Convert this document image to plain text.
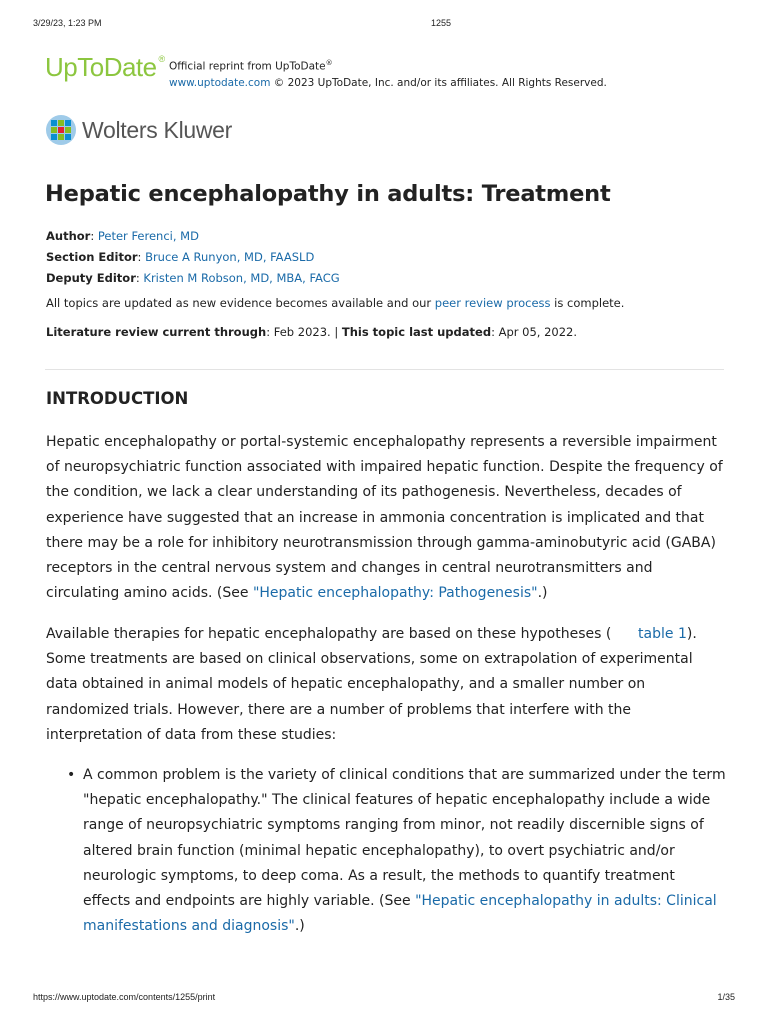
3/29/23, 1:23 PM	1255
UpToDate ®
Official reprint from UpToDate®
www.uptodate.com © 2023 UpToDate, Inc. and/or its affiliates. All Rights Reserved.
Wolters Kluwer
Hepatic encephalopathy in adults: Treatment
Author: Peter Ferenci, MD
Section Editor: Bruce A Runyon, MD, FAASLD
Deputy Editor: Kristen M Robson, MD, MBA, FACG
All topics are updated as new evidence becomes available and our peer review process is complete.
Literature review current through: Feb 2023. | This topic last updated: Apr 05, 2022.
INTRODUCTION

Hepatic encephalopathy or portal-systemic encephalopathy represents a reversible impairment of neuropsychiatric function associated with impaired hepatic function. Despite the frequency of the condition, we lack a clear understanding of its pathogenesis. Nevertheless, decades of experience have suggested that an increase in ammonia concentration is implicated and that there may be a role for inhibitory neurotransmission through gamma-aminobutyric acid (GABA) receptors in the central nervous system and changes in central neurotransmitters and circulating amino acids. (See "Hepatic encephalopathy: Pathogenesis".)

Available therapies for hepatic encephalopathy are based on these hypotheses ( table 1). Some treatments are based on clinical observations, some on extrapolation of experimental data obtained in animal models of hepatic encephalopathy, and a smaller number on randomized trials. However, there are a number of problems that interfere with the interpretation of data from these studies:

• A common problem is the variety of clinical conditions that are summarized under the term "hepatic encephalopathy." The clinical features of hepatic encephalopathy include a wide range of neuropsychiatric symptoms ranging from minor, not readily discernible signs of altered brain function (minimal hepatic encephalopathy), to overt psychiatric and/or neurologic symptoms, to deep coma. As a result, the methods to quantify treatment effects and endpoints are highly variable. (See "Hepatic encephalopathy in adults: Clinical manifestations and diagnosis".)
https://www.uptodate.com/contents/1255/print	1/35
